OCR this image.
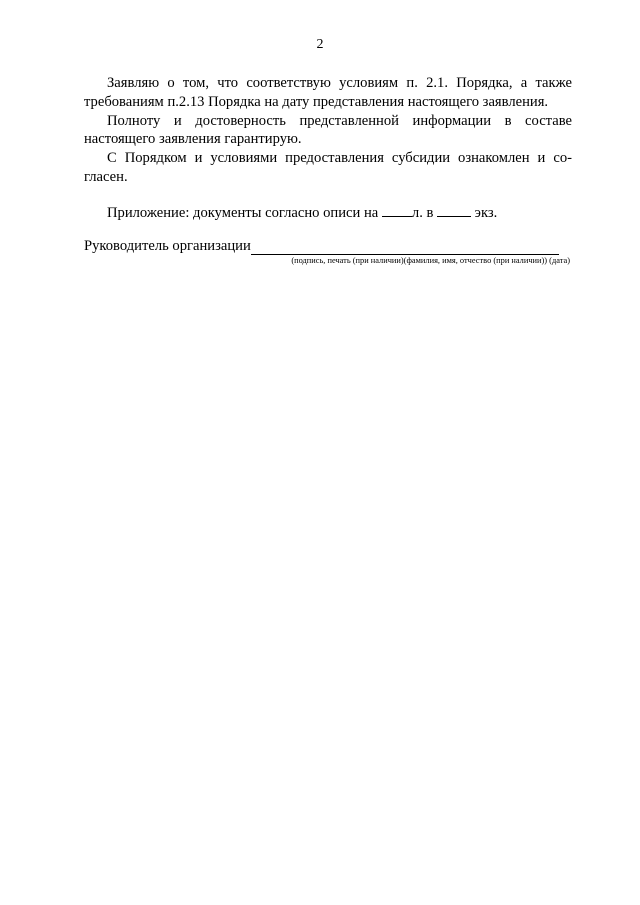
2

Заявляю о том, что соответствую условиям п. 2.1. Порядка, а также требованиям п.2.13 Порядка на дату представления настоящего заявления.

Полноту и достоверность представленной информации в составе настоящего заявления гарантирую.

С Порядком и условиями предоставления субсидии ознакомлен и согласен.

Приложение: документы согласно описи на л. в  экз.

Руководитель организации

(подпись, печать (при наличии)(фамилия, имя, отчество (при наличии)) (дата)
